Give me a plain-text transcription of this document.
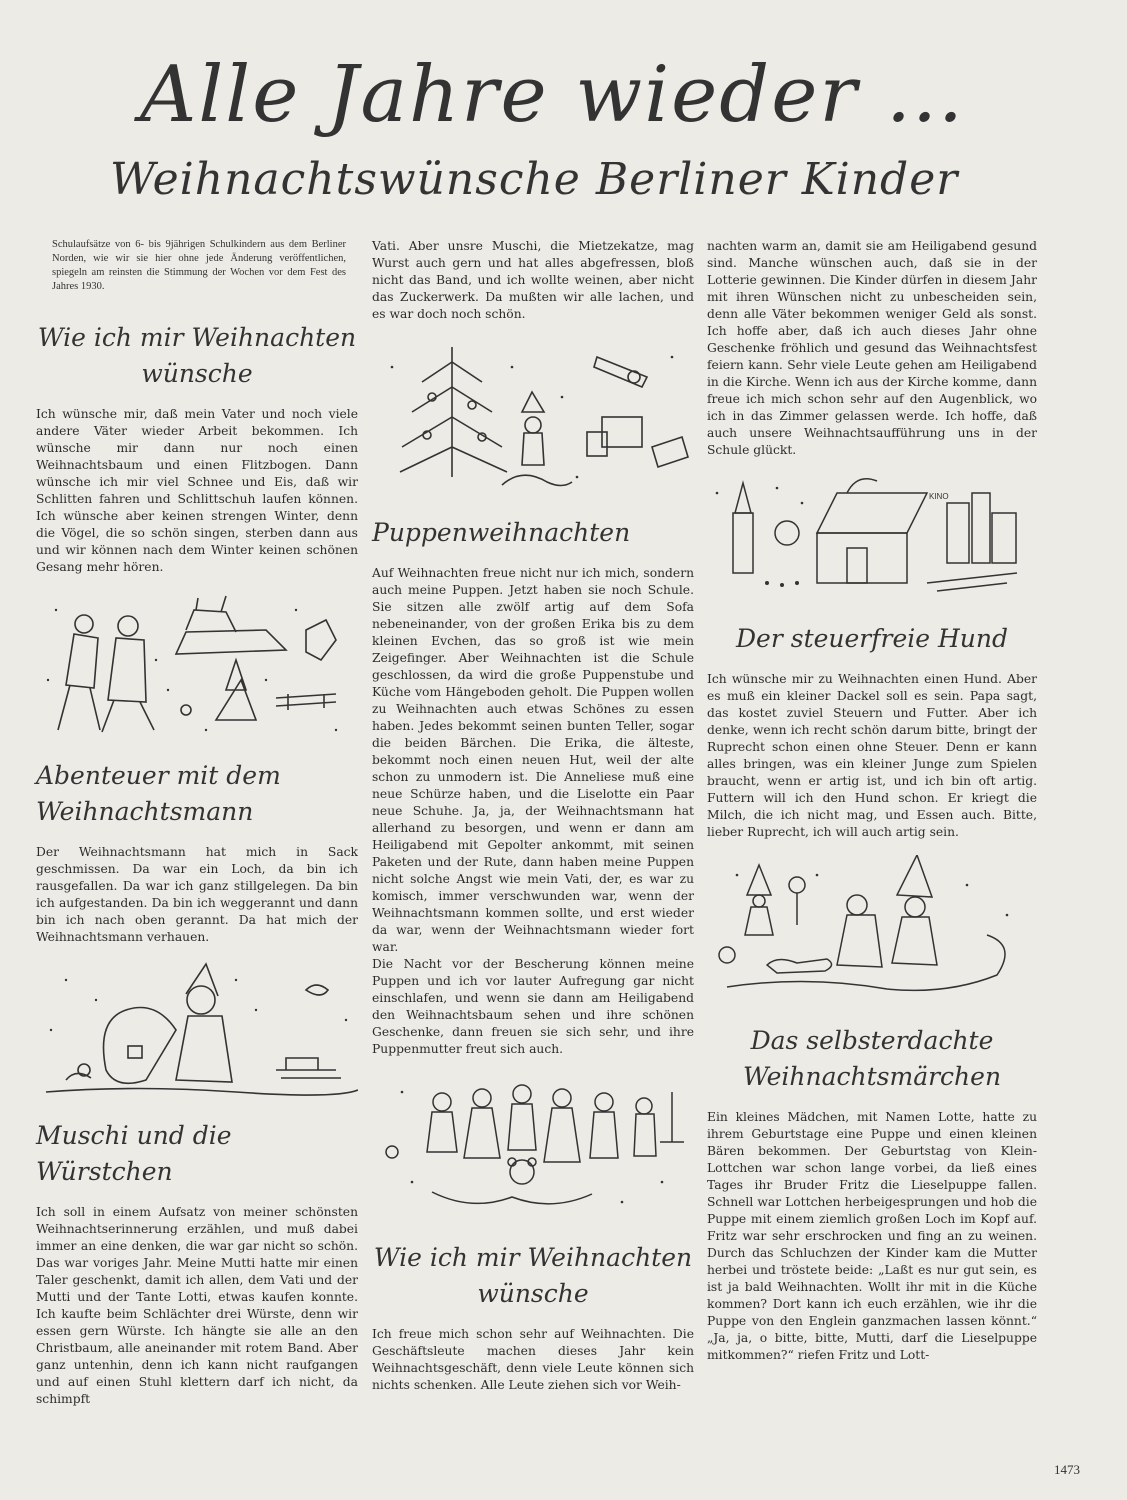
Alle Jahre wieder …
Weihnachtswünsche Berliner Kinder
Schulaufsätze von 6- bis 9jährigen Schulkindern aus dem Berliner Norden, wie wir sie hier ohne jede Änderung veröffentlichen, spiegeln am reinsten die Stimmung der Wochen vor dem Fest des Jahres 1930.
Wie ich mir Weihnachten wünsche
Ich wünsche mir, daß mein Vater und noch viele andere Väter wieder Arbeit bekommen. Ich wünsche mir dann nur noch einen Weihnachtsbaum und einen Flitzbogen. Dann wünsche ich mir viel Schnee und Eis, daß wir Schlitten fahren und Schlittschuh laufen können. Ich wünsche aber keinen strengen Winter, denn die Vögel, die so schön singen, sterben dann aus und wir können nach dem Winter keinen schönen Gesang mehr hören.
Abenteuer mit dem Weihnachtsmann
Der Weihnachtsmann hat mich in Sack geschmissen. Da war ein Loch, da bin ich rausgefallen. Da war ich ganz stillgelegen. Da bin ich aufgestanden. Da bin ich weggerannt und dann bin ich nach oben gerannt. Da hat mich der Weihnachtsmann verhauen.
Muschi und die Würstchen
Ich soll in einem Aufsatz von meiner schönsten Weihnachtserinnerung erzählen, und muß dabei immer an eine denken, die war gar nicht so schön. Das war voriges Jahr. Meine Mutti hatte mir einen Taler geschenkt, damit ich allen, dem Vati und der Mutti und der Tante Lotti, etwas kaufen konnte. Ich kaufte beim Schlächter drei Würste, denn wir essen gern Würste. Ich hängte sie alle an den Christbaum, alle aneinander mit rotem Band. Aber ganz untenhin, denn ich kann nicht raufgangen und auf einen Stuhl klettern darf ich nicht, da schimpft
Vati. Aber unsre Muschi, die Mietzekatze, mag Wurst auch gern und hat alles abgefressen, bloß nicht das Band, und ich wollte weinen, aber nicht das Zuckerwerk. Da mußten wir alle lachen, und es war doch noch schön.
Puppenweihnachten

Auf Weihnachten freue nicht nur ich mich, sondern auch meine Puppen. Jetzt haben sie noch Schule. Sie sitzen alle zwölf artig auf dem Sofa nebeneinander, von der großen Erika bis zu dem kleinen Evchen, das so groß ist wie mein Zeigefinger. Aber Weihnachten ist die Schule geschlossen, da wird die große Puppenstube und Küche vom Hängeboden geholt. Die Puppen wollen zu Weihnachten auch etwas Schönes zu essen haben. Jedes bekommt seinen bunten Teller, sogar die beiden Bärchen. Die Erika, die älteste, bekommt noch einen neuen Hut, weil der alte schon zu unmodern ist. Die Anneliese muß eine neue Schürze haben, und die Liselotte ein Paar neue Schuhe. Ja, ja, der Weihnachtsmann hat allerhand zu besorgen, und wenn er dann am Heiligabend mit Gepolter ankommt, mit seinen Paketen und der Rute, dann haben meine Puppen nicht solche Angst wie mein Vati, der, es war zu komisch, immer verschwunden war, wenn der Weihnachtsmann kommen sollte, und erst wieder da war, wenn der Weihnachtsmann wieder fort war.

Die Nacht vor der Bescherung können meine Puppen und ich vor lauter Aufregung gar nicht einschlafen, und wenn sie dann am Heiligabend den Weihnachtsbaum sehen und ihre schönen Geschenke, dann freuen sie sich sehr, und ihre Puppenmutter freut sich auch.

Wie ich mir Weihnachten wünsche
Ich freue mich schon sehr auf Weihnachten. Die Geschäftsleute machen dieses Jahr kein Weihnachtsgeschäft, denn viele Leute können sich nichts schenken. Alle Leute ziehen sich vor Weih-
nachten warm an, damit sie am Heiligabend gesund sind. Manche wünschen auch, daß sie in der Lotterie gewinnen. Die Kinder dürfen in diesem Jahr mit ihren Wünschen nicht zu unbescheiden sein, denn alle Väter bekommen weniger Geld als sonst. Ich hoffe aber, daß ich auch dieses Jahr ohne Geschenke fröhlich und gesund das Weihnachtsfest feiern kann. Sehr viele Leute gehen am Heiligabend in die Kirche. Wenn ich aus der Kirche komme, dann freue ich mich schon sehr auf den Augenblick, wo ich in das Zimmer gelassen werde. Ich hoffe, daß auch unsere Weihnachtsaufführung uns in der Schule glückt.
KINO
Der steuerfreie Hund
Ich wünsche mir zu Weihnachten einen Hund. Aber es muß ein kleiner Dackel soll es sein. Papa sagt, das kostet zuviel Steuern und Futter. Aber ich denke, wenn ich recht schön darum bitte, bringt der Ruprecht schon einen ohne Steuer. Denn er kann alles bringen, was ein kleiner Junge zum Spielen braucht, wenn er artig ist, und ich bin oft artig. Futtern will ich den Hund schon. Er kriegt die Milch, die ich nicht mag, und Essen auch. Bitte, lieber Ruprecht, ich will auch artig sein.
Das selbsterdachte Weihnachtsmärchen
Ein kleines Mädchen, mit Namen Lotte, hatte zu ihrem Geburtstage eine Puppe und einen kleinen Bären bekommen. Der Geburtstag von Klein-Lottchen war schon lange vorbei, da ließ eines Tages ihr Bruder Fritz die Lieselpuppe fallen. Schnell war Lottchen herbeigesprungen und hob die Puppe mit einem ziemlich großen Loch im Kopf auf. Fritz war sehr erschrocken und fing an zu weinen. Durch das Schluchzen der Kinder kam die Mutter herbei und tröstete beide: „Laßt es nur gut sein, es ist ja bald Weihnachten. Wollt ihr mit in die Küche kommen? Dort kann ich euch erzählen, wie ihr die Puppe von den Englein ganzmachen lassen könnt.“ „Ja, ja, o bitte, bitte, Mutti, darf die Lieselpuppe mitkommen?“ riefen Fritz und Lott-
1473
